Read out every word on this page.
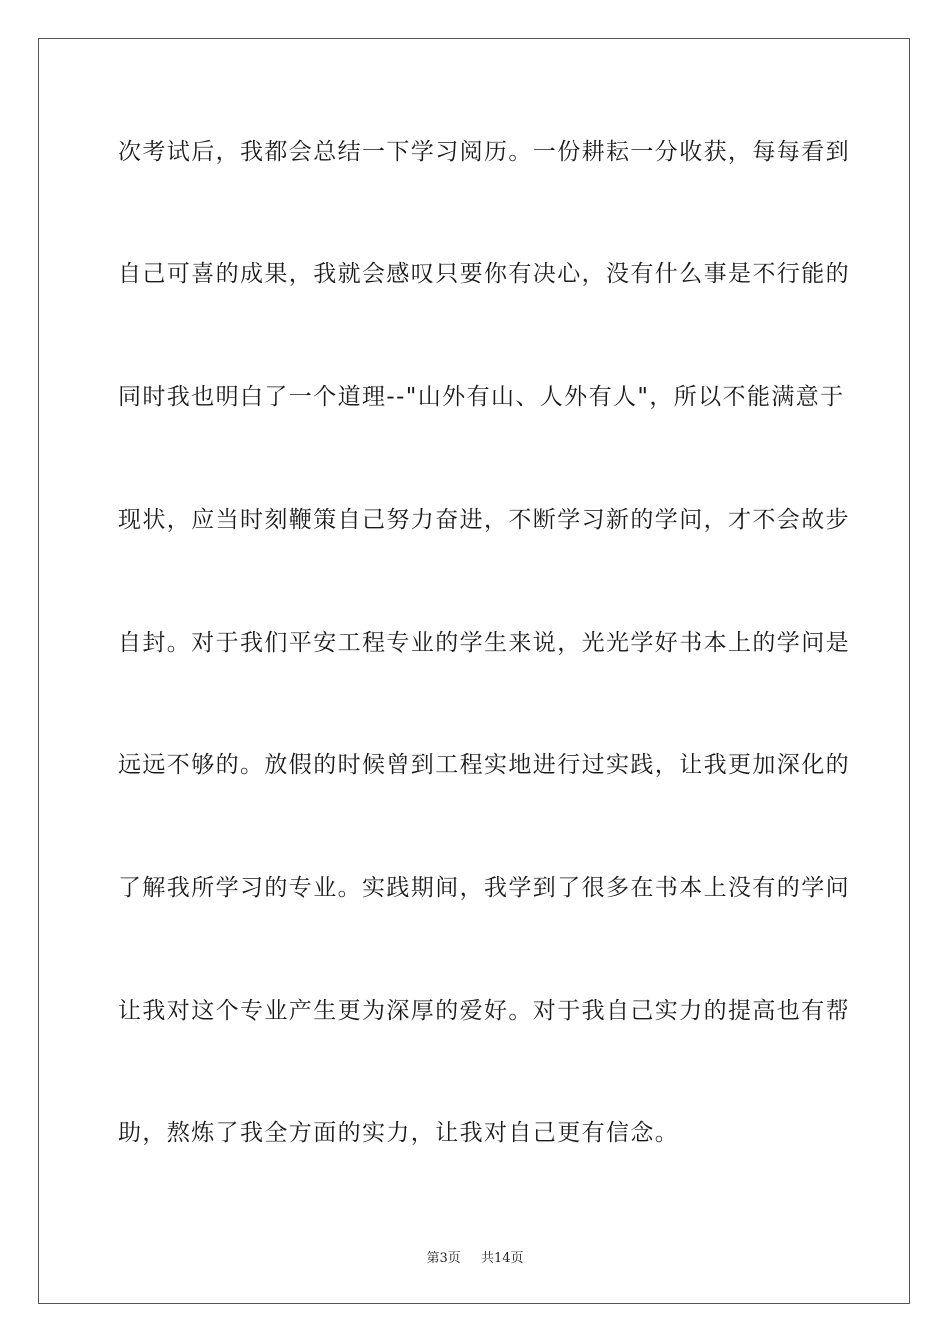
次考试后，我都会总结一下学习阅历。一份耕耘一分收获，每每看到
自己可喜的成果，我就会感叹只要你有决心，没有什么事是不行能的
同时我也明白了一个道理--"山外有山、人外有人"，所以不能满意于
现状，应当时刻鞭策自己努力奋进，不断学习新的学问，才不会故步
自封。对于我们平安工程专业的学生来说，光光学好书本上的学问是
远远不够的。放假的时候曾到工程实地进行过实践，让我更加深化的
了解我所学习的专业。实践期间，我学到了很多在书本上没有的学问
让我对这个专业产生更为深厚的爱好。对于我自己实力的提高也有帮
助，熬炼了我全方面的实力，让我对自己更有信念。
第3页 共14页
